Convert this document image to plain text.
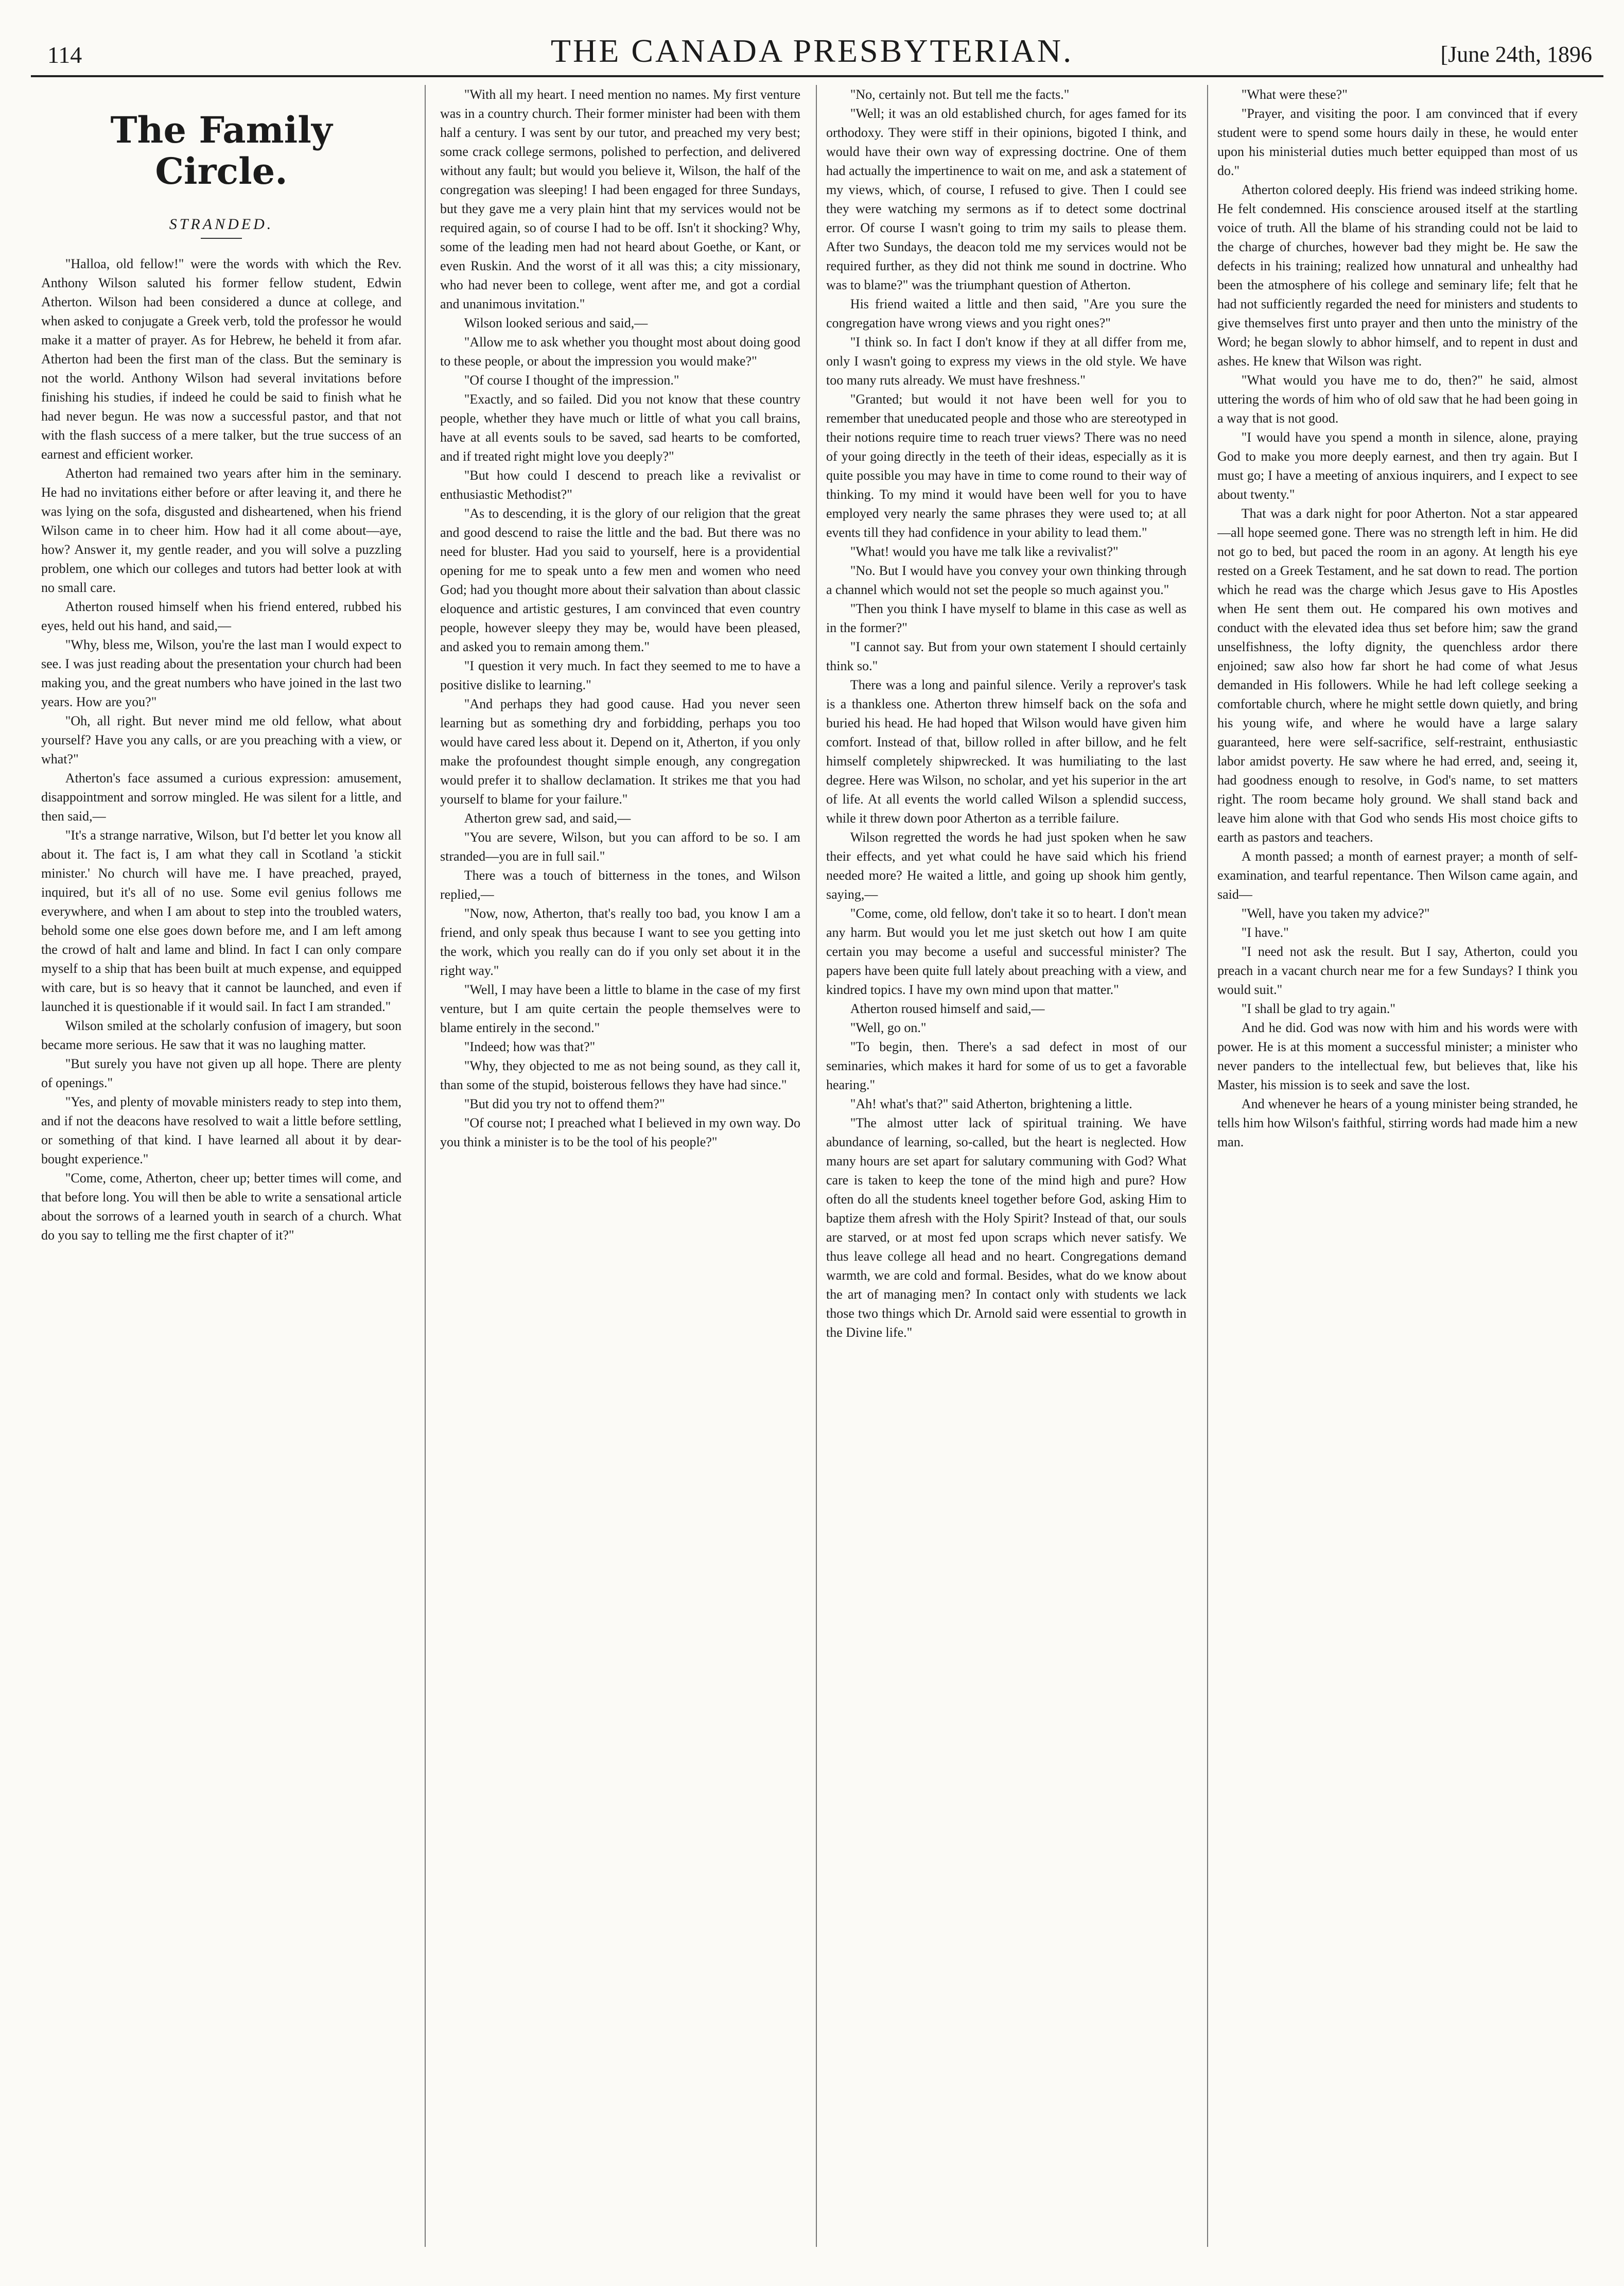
114	THE CANADA PRESBYTERIAN.	[June 24th, 1896
The Family Circle.
STRANDED.

"Halloa, old fellow!" were the words with which the Rev. Anthony Wilson saluted his former fellow student, Edwin Atherton. Wilson had been considered a dunce at college, and when asked to conjugate a Greek verb, told the professor he would make it a matter of prayer. As for Hebrew, he beheld it from afar. Atherton had been the first man of the class. But the seminary is not the world. Anthony Wilson had several invitations before finishing his studies, if indeed he could be said to finish what he had never begun. He was now a successful pastor, and that not with the flash success of a mere talker, but the true success of an earnest and efficient worker.

Atherton had remained two years after him in the seminary. He had no invitations either before or after leaving it, and there he was lying on the sofa, disgusted and disheartened, when his friend Wilson came in to cheer him. How had it all come about—aye, how? Answer it, my gentle reader, and you will solve a puzzling problem, one which our colleges and tutors had better look at with no small care.

Atherton roused himself when his friend entered, rubbed his eyes, held out his hand, and said,—

"Why, bless me, Wilson, you're the last man I would expect to see. I was just reading about the presentation your church had been making you, and the great numbers who have joined in the last two years. How are you?"

"Oh, all right. But never mind me old fellow, what about yourself? Have you any calls, or are you preaching with a view, or what?"

Atherton's face assumed a curious expression: amusement, disappointment and sorrow mingled. He was silent for a little, and then said,—

"It's a strange narrative, Wilson, but I'd better let you know all about it. The fact is, I am what they call in Scotland 'a stickit minister.' No church will have me. I have preached, prayed, inquired, but it's all of no use. Some evil genius follows me everywhere, and when I am about to step into the troubled waters, behold some one else goes down before me, and I am left among the crowd of halt and lame and blind. In fact I can only compare myself to a ship that has been built at much expense, and equipped with care, but is so heavy that it cannot be launched, and even if launched it is questionable if it would sail. In fact I am stranded."

Wilson smiled at the scholarly confusion of imagery, but soon became more serious. He saw that it was no laughing matter.

"But surely you have not given up all hope. There are plenty of openings."

"Yes, and plenty of movable ministers ready to step into them, and if not the deacons have resolved to wait a little before settling, or something of that kind. I have learned all about it by dear-bought experience."

"Come, come, Atherton, cheer up; better times will come, and that before long. You will then be able to write a sensational article about the sorrows of a learned youth in search of a church. What do you say to telling me the first chapter of it?"

"With all my heart. I need mention no names. My first venture was in a country church. Their former minister had been with them half a century. I was sent by our tutor, and preached my very best; some crack college sermons, polished to perfection, and delivered without any fault; but would you believe it, Wilson, the half of the congregation was sleeping! I had been engaged for three Sundays, but they gave me a very plain hint that my services would not be required again, so of course I had to be off. Isn't it shocking? Why, some of the leading men had not heard about Goethe, or Kant, or even Ruskin. And the worst of it all was this; a city missionary, who had never been to college, went after me, and got a cordial and unanimous invitation."

Wilson looked serious and said,—

"Allow me to ask whether you thought most about doing good to these people, or about the impression you would make?"

"Of course I thought of the impression."

"Exactly, and so failed. Did you not know that these country people, whether they have much or little of what you call brains, have at all events souls to be saved, sad hearts to be comforted, and if treated right might love you deeply?"

"But how could I descend to preach like a revivalist or enthusiastic Methodist?"

"As to descending, it is the glory of our religion that the great and good descend to raise the little and the bad. But there was no need for bluster. Had you said to yourself, here is a providential opening for me to speak unto a few men and women who need God; had you thought more about their salvation than about classic eloquence and artistic gestures, I am convinced that even country people, however sleepy they may be, would have been pleased, and asked you to remain among them."

"I question it very much. In fact they seemed to me to have a positive dislike to learning."

"And perhaps they had good cause. Had you never seen learning but as something dry and forbidding, perhaps you too would have cared less about it. Depend on it, Atherton, if you only make the profoundest thought simple enough, any congregation would prefer it to shallow declamation. It strikes me that you had yourself to blame for your failure."

Atherton grew sad, and said,—

"You are severe, Wilson, but you can afford to be so. I am stranded—you are in full sail."

There was a touch of bitterness in the tones, and Wilson replied,—

"Now, now, Atherton, that's really too bad, you know I am a friend, and only speak thus because I want to see you getting into the work, which you really can do if you only set about it in the right way."

"Well, I may have been a little to blame in the case of my first venture, but I am quite certain the people themselves were to blame entirely in the second."

"Indeed; how was that?"

"Why, they objected to me as not being sound, as they call it, than some of the stupid, boisterous fellows they have had since."

"But did you try not to offend them?"

"Of course not; I preached what I believed in my own way. Do you think a minister is to be the tool of his people?"

"No, certainly not. But tell me the facts."

"Well; it was an old established church, for ages famed for its orthodoxy. They were stiff in their opinions, bigoted I think, and would have their own way of expressing doctrine. One of them had actually the impertinence to wait on me, and ask a statement of my views, which, of course, I refused to give. Then I could see they were watching my sermons as if to detect some doctrinal error. Of course I wasn't going to trim my sails to please them. After two Sundays, the deacon told me my services would not be required further, as they did not think me sound in doctrine. Who was to blame?" was the triumphant question of Atherton.

His friend waited a little and then said, "Are you sure the congregation have wrong views and you right ones?"

"I think so. In fact I don't know if they at all differ from me, only I wasn't going to express my views in the old style. We have too many ruts already. We must have freshness."

"Granted; but would it not have been well for you to remember that uneducated people and those who are stereotyped in their notions require time to reach truer views? There was no need of your going directly in the teeth of their ideas, especially as it is quite possible you may have in time to come round to their way of thinking. To my mind it would have been well for you to have employed very nearly the same phrases they were used to; at all events till they had confidence in your ability to lead them."

"What! would you have me talk like a revivalist?"

"No. But I would have you convey your own thinking through a channel which would not set the people so much against you."

"Then you think I have myself to blame in this case as well as in the former?"

"I cannot say. But from your own statement I should certainly think so."

There was a long and painful silence. Verily a reprover's task is a thankless one. Atherton threw himself back on the sofa and buried his head. He had hoped that Wilson would have given him comfort. Instead of that, billow rolled in after billow, and he felt himself completely shipwrecked. It was humiliating to the last degree. Here was Wilson, no scholar, and yet his superior in the art of life. At all events the world called Wilson a splendid success, while it threw down poor Atherton as a terrible failure.

Wilson regretted the words he had just spoken when he saw their effects, and yet what could he have said which his friend needed more? He waited a little, and going up shook him gently, saying,—

"Come, come, old fellow, don't take it so to heart. I don't mean any harm. But would you let me just sketch out how I am quite certain you may become a useful and successful minister? The papers have been quite full lately about preaching with a view, and kindred topics. I have my own mind upon that matter."

Atherton roused himself and said,—

"Well, go on."

"To begin, then. There's a sad defect in most of our seminaries, which makes it hard for some of us to get a favorable hearing."

"Ah! what's that?" said Atherton, brightening a little.

"The almost utter lack of spiritual training. We have abundance of learning, so-called, but the heart is neglected. How many hours are set apart for salutary communing with God? What care is taken to keep the tone of the mind high and pure? How often do all the students kneel together before God, asking Him to baptize them afresh with the Holy Spirit? Instead of that, our souls are starved, or at most fed upon scraps which never satisfy. We thus leave college all head and no heart. Congregations demand warmth, we are cold and formal. Besides, what do we know about the art of managing men? In contact only with students we lack those two things which Dr. Arnold said were essential to growth in the Divine life."

"What were these?"

"Prayer, and visiting the poor. I am convinced that if every student were to spend some hours daily in these, he would enter upon his ministerial duties much better equipped than most of us do."

Atherton colored deeply. His friend was indeed striking home. He felt condemned. His conscience aroused itself at the startling voice of truth. All the blame of his stranding could not be laid to the charge of churches, however bad they might be. He saw the defects in his training; realized how unnatural and unhealthy had been the atmosphere of his college and seminary life; felt that he had not sufficiently regarded the need for ministers and students to give themselves first unto prayer and then unto the ministry of the Word; he began slowly to abhor himself, and to repent in dust and ashes. He knew that Wilson was right.

"What would you have me to do, then?" he said, almost uttering the words of him who of old saw that he had been going in a way that is not good.

"I would have you spend a month in silence, alone, praying God to make you more deeply earnest, and then try again. But I must go; I have a meeting of anxious inquirers, and I expect to see about twenty."

That was a dark night for poor Atherton. Not a star appeared—all hope seemed gone. There was no strength left in him. He did not go to bed, but paced the room in an agony. At length his eye rested on a Greek Testament, and he sat down to read. The portion which he read was the charge which Jesus gave to His Apostles when He sent them out. He compared his own motives and conduct with the elevated idea thus set before him; saw the grand unselfishness, the lofty dignity, the quenchless ardor there enjoined; saw also how far short he had come of what Jesus demanded in His followers. While he had left college seeking a comfortable church, where he might settle down quietly, and bring his young wife, and where he would have a large salary guaranteed, here were self-sacrifice, self-restraint, enthusiastic labor amidst poverty. He saw where he had erred, and, seeing it, had goodness enough to resolve, in God's name, to set matters right. The room became holy ground. We shall stand back and leave him alone with that God who sends His most choice gifts to earth as pastors and teachers.

A month passed; a month of earnest prayer; a month of self-examination, and tearful repentance. Then Wilson came again, and said—

"Well, have you taken my advice?"

"I have."

"I need not ask the result. But I say, Atherton, could you preach in a vacant church near me for a few Sundays? I think you would suit."

"I shall be glad to try again."

And he did. God was now with him and his words were with power. He is at this moment a successful minister; a minister who never panders to the intellectual few, but believes that, like his Master, his mission is to seek and save the lost.

And whenever he hears of a young minister being stranded, he tells him how Wilson's faithful, stirring words had made him a new man.
